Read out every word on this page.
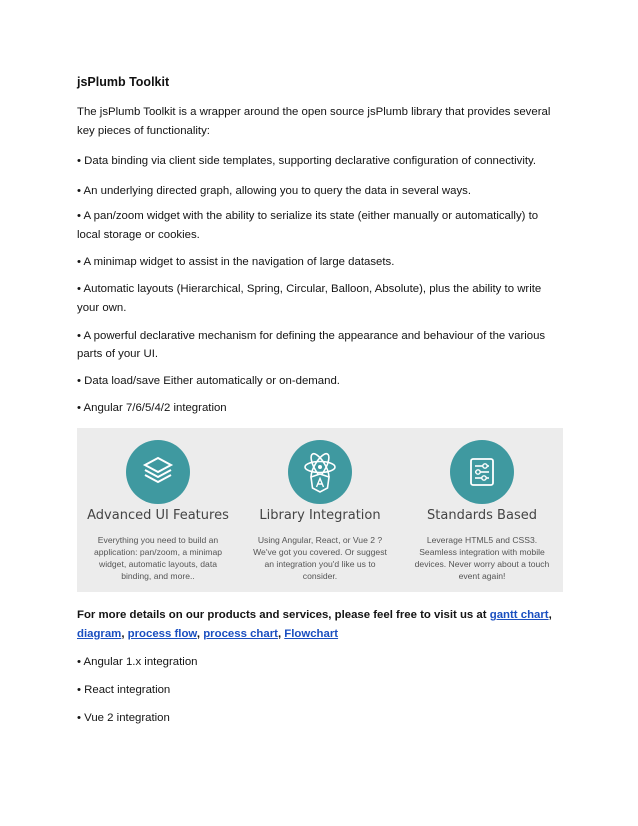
jsPlumb Toolkit

The jsPlumb Toolkit is a wrapper around the open source jsPlumb library that provides several

key pieces of functionality:

• Data binding via client side templates, supporting declarative configuration of connectivity.

• An underlying directed graph, allowing you to query the data in several ways.

• A pan/zoom widget with the ability to serialize its state (either manually or automatically) to

local storage or cookies.

• A minimap widget to assist in the navigation of large datasets.

• Automatic layouts (Hierarchical, Spring, Circular, Balloon, Absolute), plus the ability to write

your own.

• A powerful declarative mechanism for defining the appearance and behaviour of the various

parts of your UI.

• Data load/save Either automatically or on-demand.

• Angular 7/6/5/4/2 integration

Advanced UI Features
Everything you need to build an application: pan/zoom, a minimap widget, automatic layouts, data binding, and more..
Library Integration
Using Angular, React, or Vue 2 ? We've got you covered. Or suggest an integration you'd like us to consider.
Standards Based
Leverage HTML5 and CSS3. Seamless integration with mobile devices. Never worry about a touch event again!

For more details on our products and services, please feel free to visit us at gantt chart,
diagram, process flow, process chart, Flowchart

• Angular 1.x integration

• React integration

• Vue 2 integration
